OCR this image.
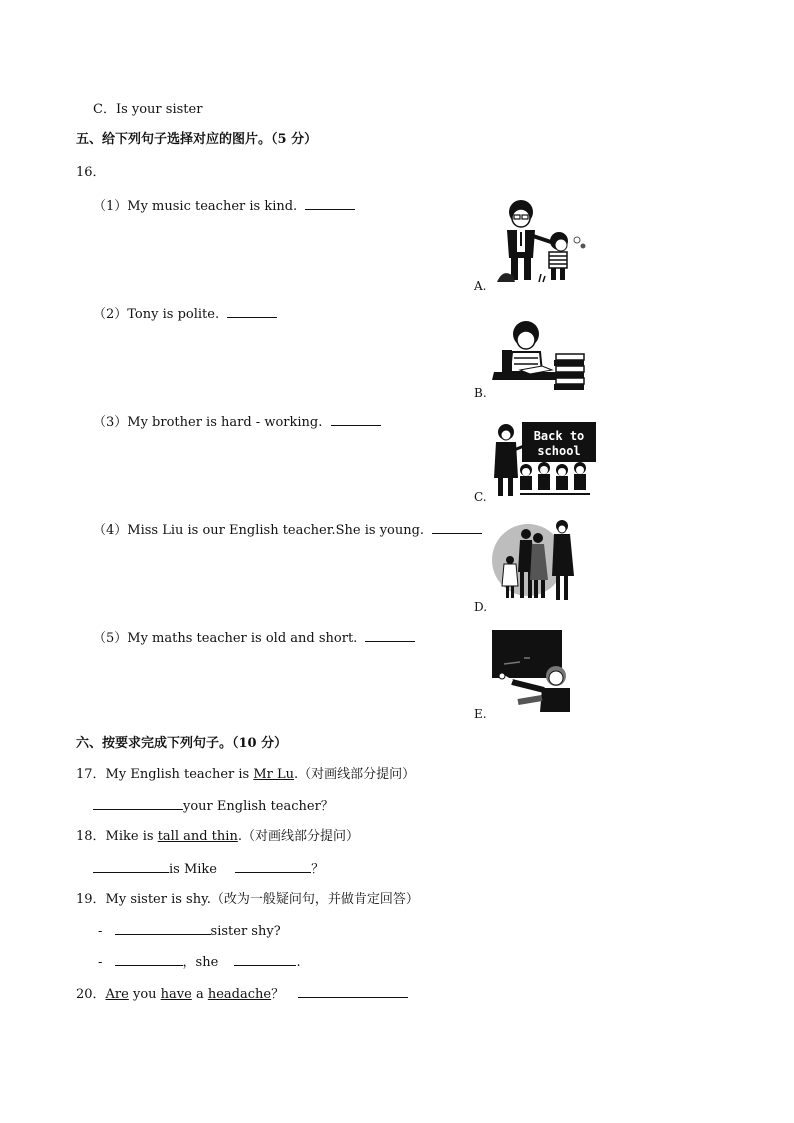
C．Is your sister
五、给下列句子选择对应的图片。（5 分）
16．
（1）My music teacher is kind.
（2）Tony is polite.
（3）My brother is hard - working.
（4）Miss Liu is our English teacher.She is young.
（5）My maths teacher is old and short.
A.
B.
Back to
school
C.
D.
E.
六、按要求完成下列句子。（10 分）
17．My English teacher is Mr Lu.（对画线部分提问）
your English teacher？
18．Mike is tall and thin.（对画线部分提问）
is Mike	？
19．My sister is shy.（改为一般疑问句，并做肯定回答）
-	sister shy?
-	，she	.
20．Are you have a headache？
